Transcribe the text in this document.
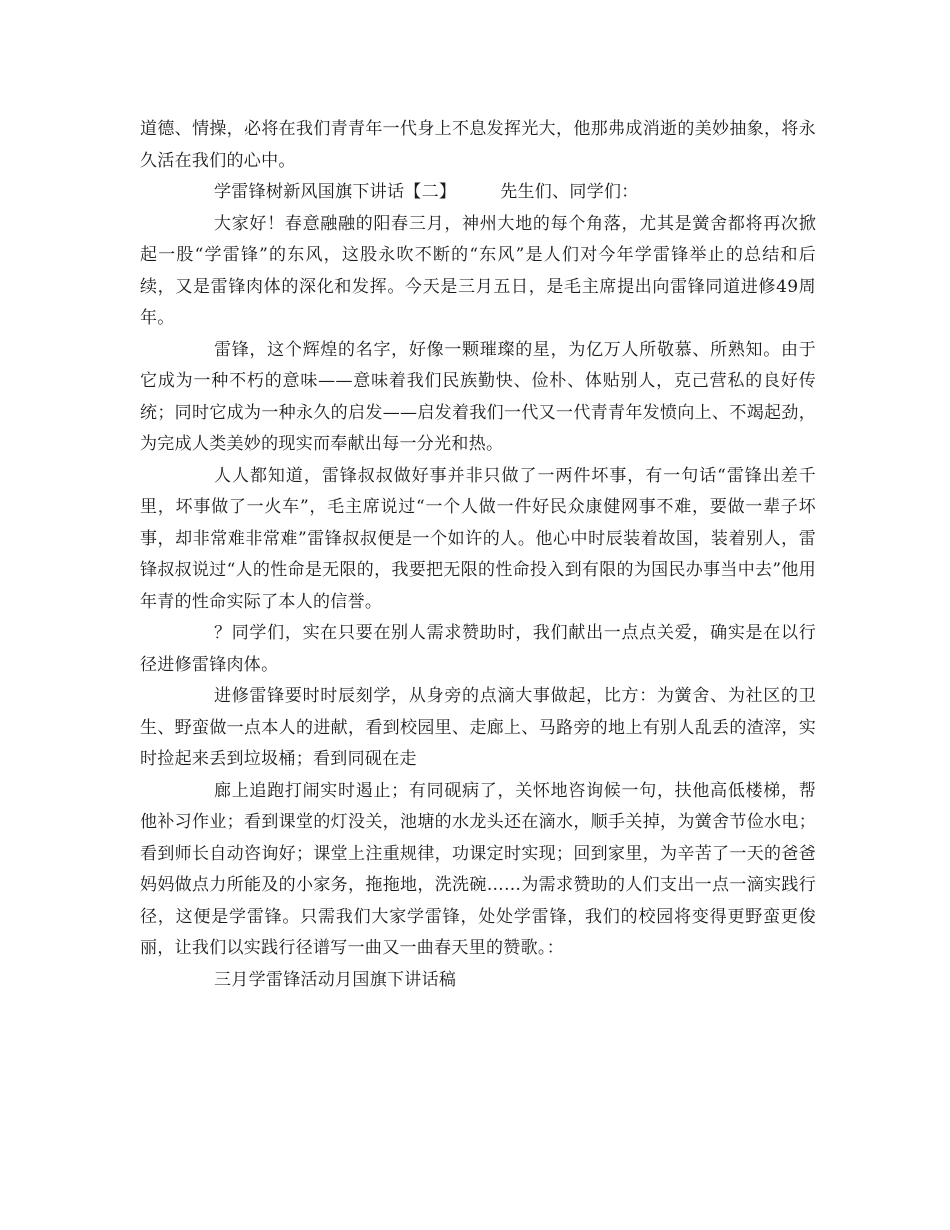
道德、情操，必将在我们青青年一代身上不息发挥光大，他那弗成消逝的美妙抽象，将永久活在我们的心中。

学雷锋树新风国旗下讲话【二】	先生们、同学们：

大家好！春意融融的阳春三月，神州大地的每个角落，尤其是黉舍都将再次掀起一股“学雷锋”的东风，这股永吹不断的“东风”是人们对今年学雷锋举止的总结和后续，又是雷锋肉体的深化和发挥。今天是三月五日，是毛主席提出向雷锋同道进修49周年。

雷锋，这个辉煌的名字，好像一颗璀璨的星，为亿万人所敬慕、所熟知。由于它成为一种不朽的意味——意味着我们民族勤快、俭朴、体贴别人，克己营私的良好传统；同时它成为一种永久的启发——启发着我们一代又一代青青年发愤向上、不竭起劲，为完成人类美妙的现实而奉献出每一分光和热。

人人都知道，雷锋叔叔做好事并非只做了一两件坏事，有一句话“雷锋出差千里，坏事做了一火车”，毛主席说过“一个人做一件好民众康健网事不难，要做一辈子坏事，却非常难非常难”雷锋叔叔便是一个如许的人。他心中时辰装着故国，装着别人，雷锋叔叔说过“人的性命是无限的，我要把无限的性命投入到有限的为国民办事当中去”他用年青的性命实际了本人的信誉。

？同学们，实在只要在别人需求赞助时，我们献出一点点关爱，确实是在以行径进修雷锋肉体。

进修雷锋要时时辰刻学，从身旁的点滴大事做起，比方：为黉舍、为社区的卫生、野蛮做一点本人的进献，看到校园里、走廊上、马路旁的地上有别人乱丢的渣滓，实时捡起来丢到垃圾桶；看到同砚在走

廊上追跑打闹实时遏止；有同砚病了，关怀地咨询候一句，扶他高低楼梯，帮他补习作业；看到课堂的灯没关，池塘的水龙头还在滴水，顺手关掉，为黉舍节俭水电；看到师长自动咨询好；课堂上注重规律，功课定时实现；回到家里，为辛苦了一天的爸爸妈妈做点力所能及的小家务，拖拖地，洗洗碗……为需求赞助的人们支出一点一滴实践行径，这便是学雷锋。只需我们大家学雷锋，处处学雷锋，我们的校园将变得更野蛮更俊丽，让我们以实践行径谱写一曲又一曲春天里的赞歌。：

三月学雷锋活动月国旗下讲话稿
